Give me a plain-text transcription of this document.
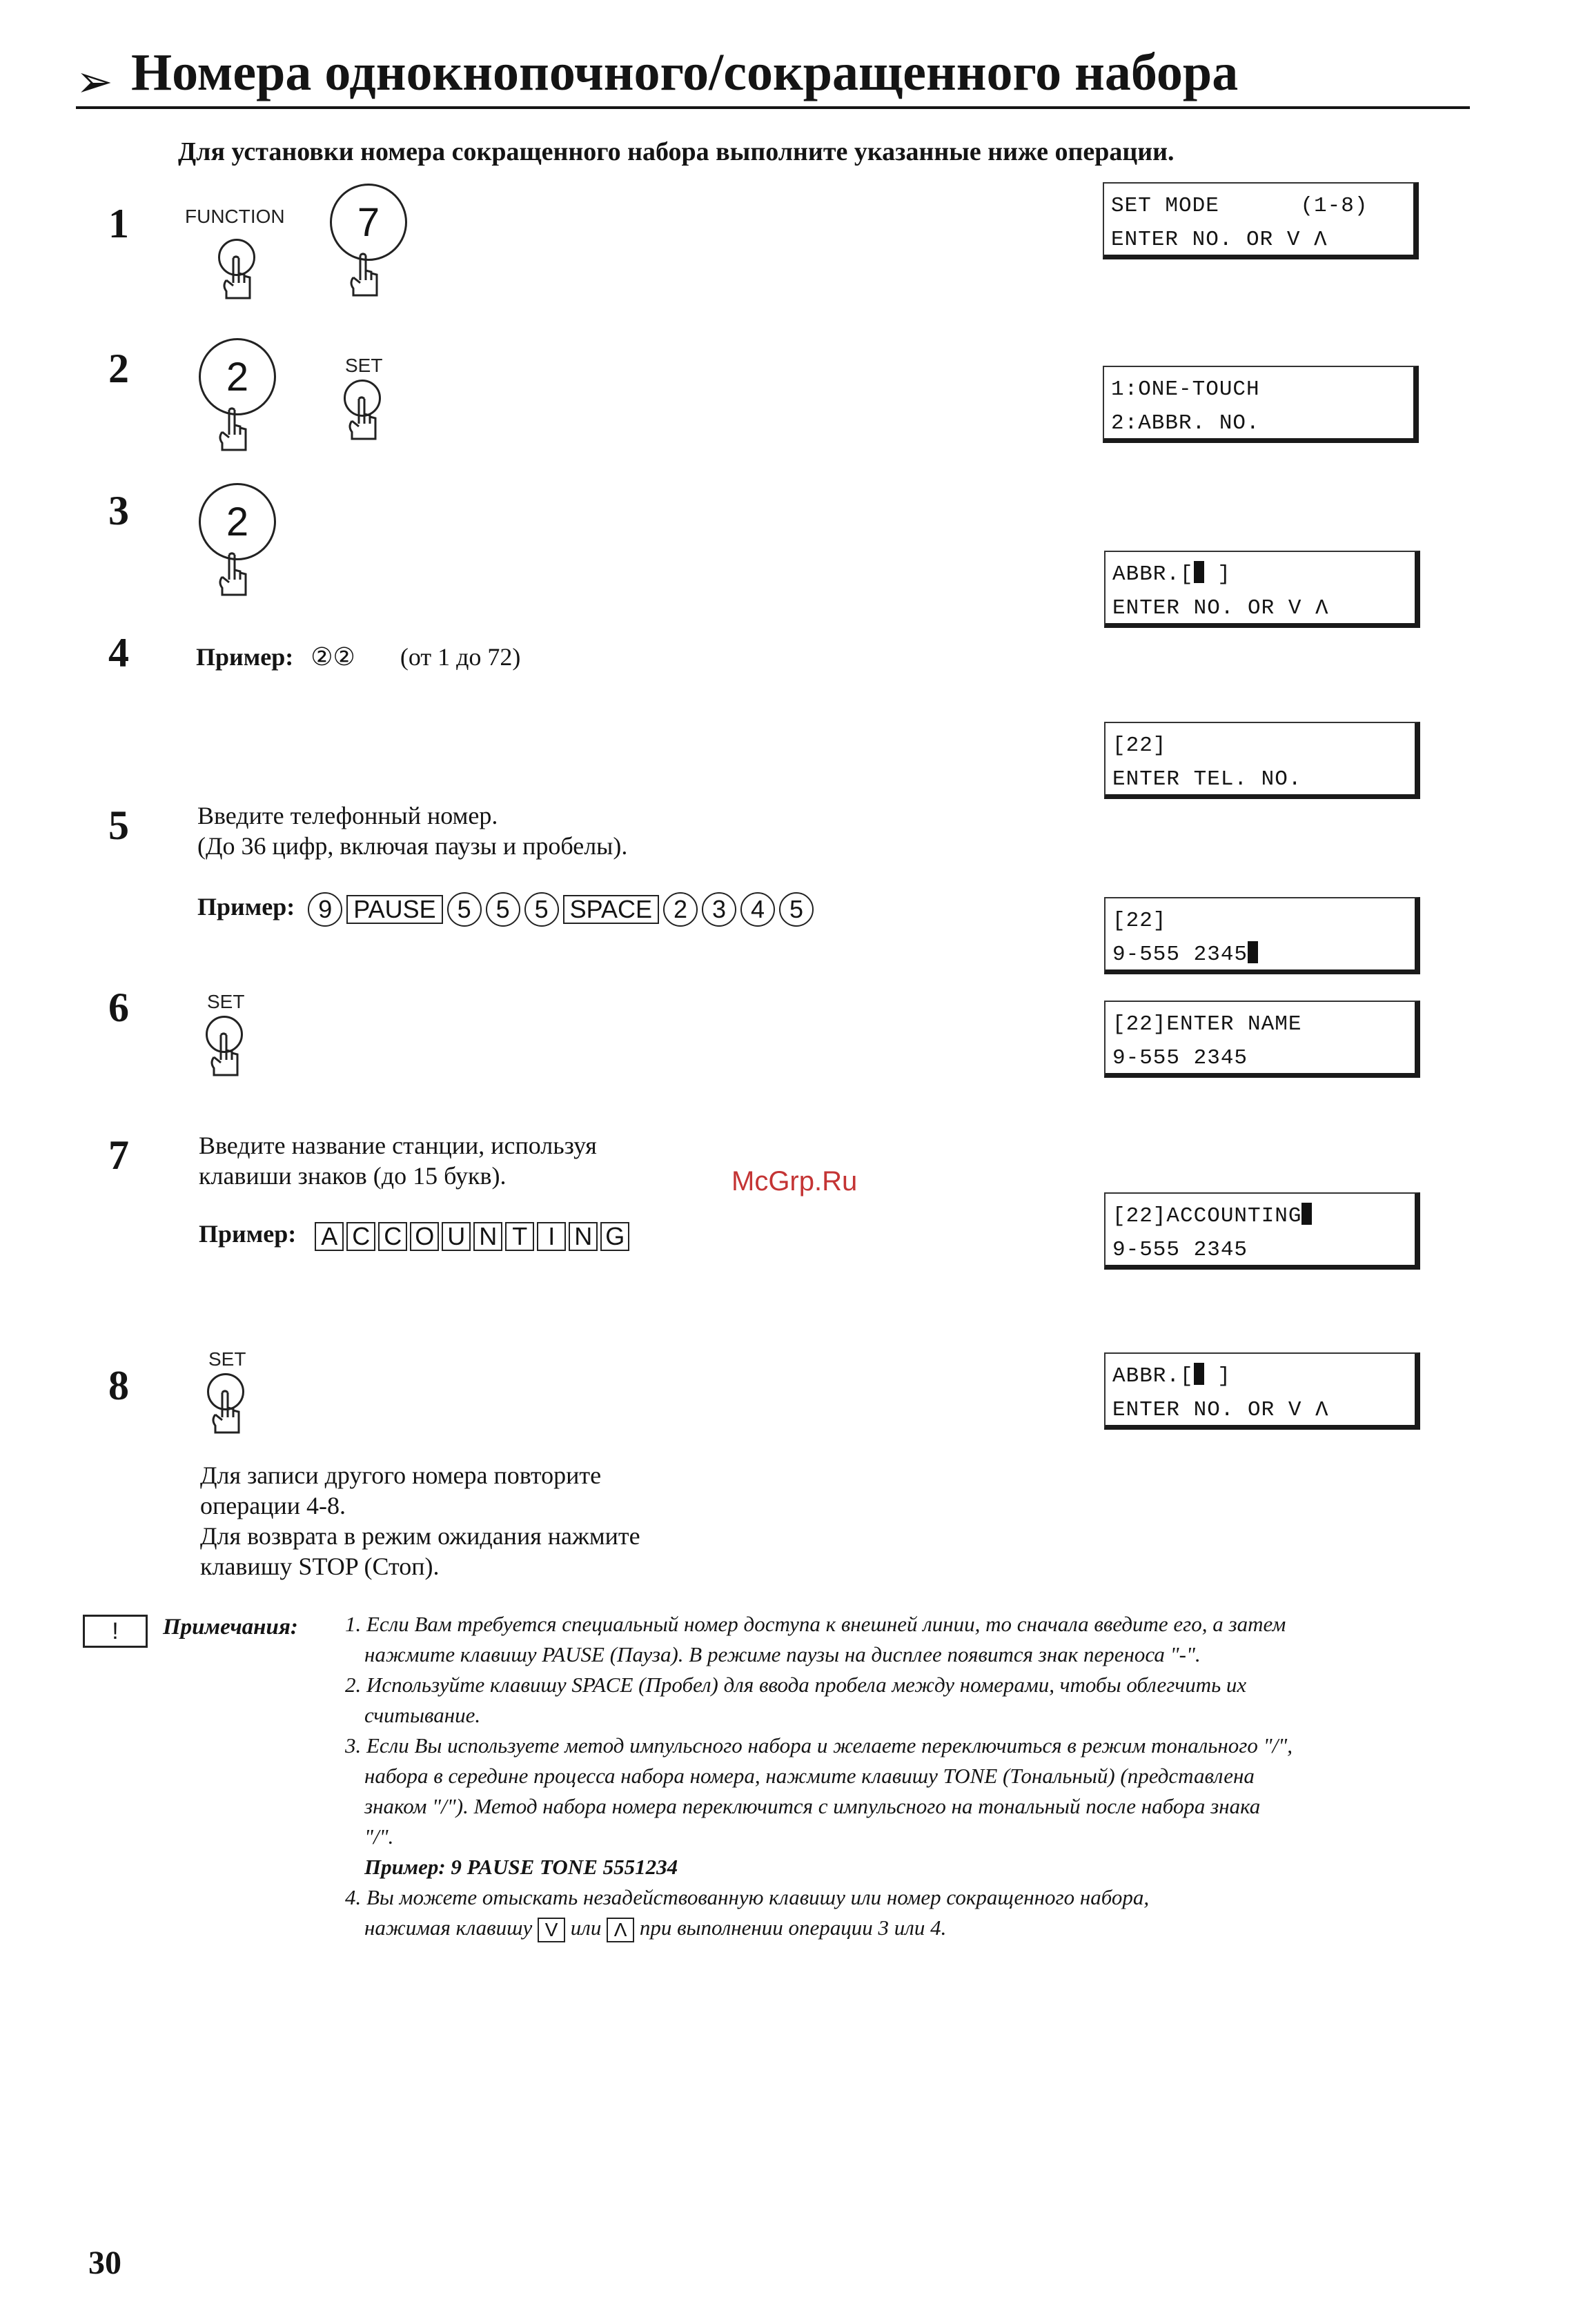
➢ Номера однокнопочного/сокращенного набора
Для установки номера сокращенного набора выполните указанные ниже операции.
1
2
3
4
5
6
7
8
FUNCTION	7
2	SET
2
Пример: ②② (от 1 до 72)
Введите телефонный номер.
(До 36 цифр, включая паузы и пробелы).
Пример: 9 PAUSE 5 5 5 SPACE 2 3 4 5
SET
Введите название станции, используя
клавиши знаков (до 15 букв).
Пример: A C C O U N T I N G
SET
Для записи другого номера повторите
операции 4-8.
Для возврата в режим ожидания нажмите
клавишу STOP (Стоп).
SET MODE      (1-8)
ENTER NO. OR V Λ
1:ONE-TOUCH
2:ABBR. NO.
ABBR.[ ]
ENTER NO. OR V Λ
[22]
ENTER TEL. NO.
[22]
9-555 2345
[22]ENTER NAME
9-555 2345
[22]ACCOUNTING
9-555 2345
ABBR.[ ]
ENTER NO. OR V Λ
McGrp.Ru
!	Примечания: 1. Если Вам требуется специальный номер доступа к внешней линии, то сначала введите его, а затем
нажмите клавишу PAUSE (Пауза). В режиме паузы на дисплее появится знак переноса "-".
2. Используйте клавишу SPACE (Пробел) для ввода пробела между номерами, чтобы облегчить их
считывание.
3. Если Вы используете метод импульсного набора и желаете переключиться в режим тонального "/",
набора в середине процесса набора номера, нажмите клавишу TONE (Тональный) (представлена
знаком "/"). Метод набора номера переключится с импульсного на тональный после набора знака
"/".
Пример: 9 PAUSE TONE 5551234
4. Вы можете отыскать незадействованную клавишу или номер сокращенного набора,
нажимая клавишу V или Λ при выполнении операции 3 или 4.
30
